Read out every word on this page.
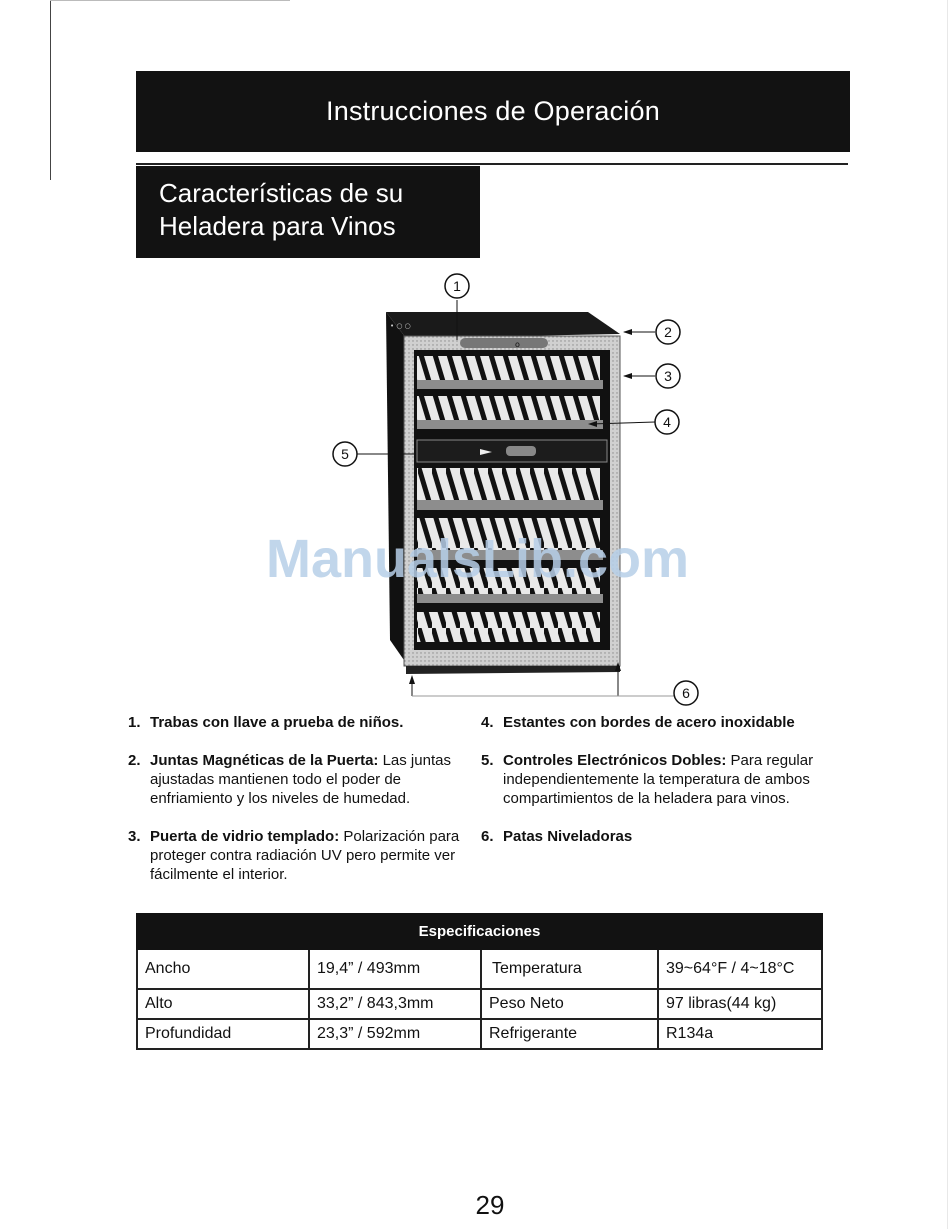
Instrucciones de Operación
Características de su
Heladera para Vinos
• ○ ○
o
1
2
3
4
5
6
ManualsLib.com
1. Trabas con llave a prueba de niños.
2. Juntas Magnéticas de la Puerta: Las juntas ajustadas mantienen todo el poder de enfriamiento y los niveles de humedad.
3. Puerta de vidrio templado: Polarización para proteger contra radiación UV pero permite ver fácilmente el interior.
4. Estantes con bordes de acero inoxidable
5. Controles Electrónicos Dobles: Para regular independientemente la temperatura de ambos compartimientos de la heladera para vinos.
6. Patas Niveladoras
Especificaciones			
Ancho	19,4” / 493mm	Temperatura	39~64°F / 4~18°C
Alto	33,2” / 843,3mm	Peso Neto	97 libras(44 kg)
Profundidad	23,3” / 592mm	Refrigerante	R134a
29
